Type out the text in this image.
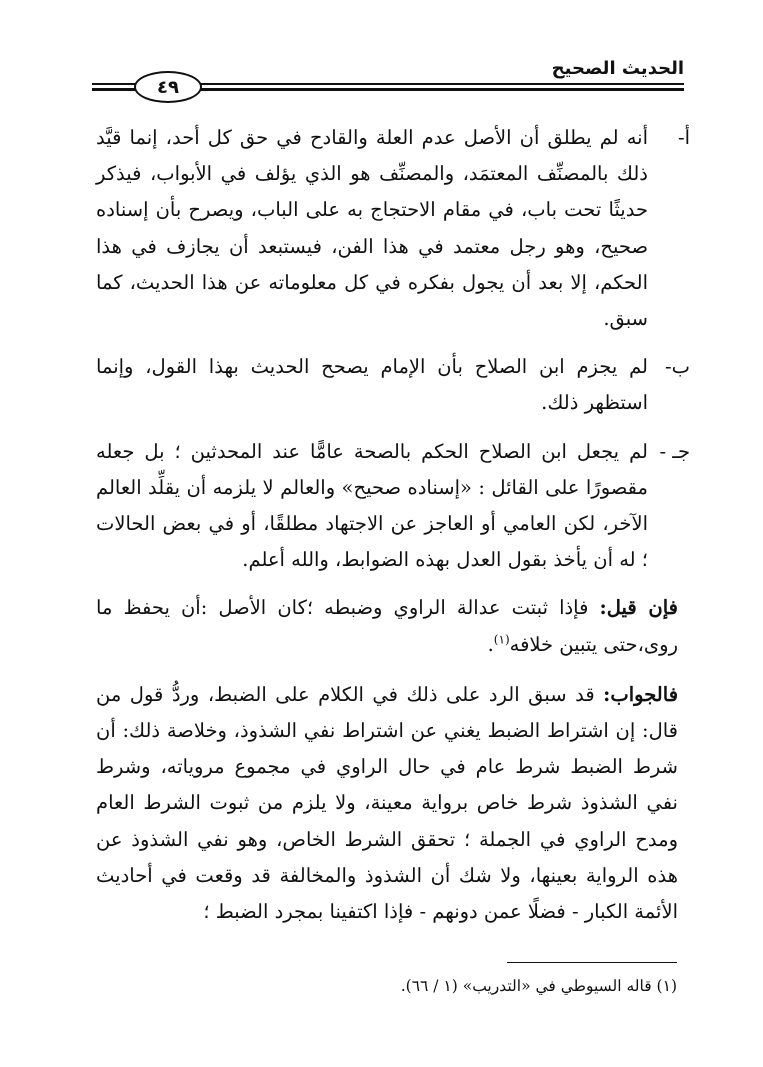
الحديث الصحيح
٤٩
أ-

أنه لم يطلق أن الأصل عدم العلة والقادح في حق كل أحد، إنما قيَّد ذلك بالمصنِّف المعتمَد، والمصنِّف هو الذي يؤلف في الأبواب، فيذكر حديثًا تحت باب، في مقام الاحتجاج به على الباب، ويصرح بأن إسناده صحيح، وهو رجل معتمد في هذا الفن، فيستبعد أن يجازف في هذا الحكم، إلا بعد أن يجول بفكره في كل معلوماته عن هذا الحديث، كما سبق.

ب-

لم يجزم ابن الصلاح بأن الإمام يصحح الحديث بهذا القول، وإنما استظهر ذلك.

جـ -

لم يجعل ابن الصلاح الحكم بالصحة عامًّا عند المحدثين ؛ بل جعله مقصورًا على القائل : «إسناده صحيح» والعالم لا يلزمه أن يقلِّد العالم الآخر، لكن العامي أو العاجز عن الاجتهاد مطلقًا، أو في بعض الحالات ؛ له أن يأخذ بقول العدل بهذه الضوابط، والله أعلم.

فإن قيل: فإذا ثبتت عدالة الراوي وضبطه ؛كان الأصل :أن يحفظ ما روى،حتى يتبين خلافه$^{(١)}$.

فالجواب: قد سبق الرد على ذلك في الكلام على الضبط، وردُّ قول من قال: إن اشتراط الضبط يغني عن اشتراط نفي الشذوذ، وخلاصة ذلك: أن شرط الضبط شرط عام في حال الراوي في مجموع مروياته، وشرط نفي الشذوذ شرط خاص برواية معينة، ولا يلزم من ثبوت الشرط العام ومدح الراوي في الجملة ؛ تحقق الشرط الخاص، وهو نفي الشذوذ عن هذه الرواية بعينها، ولا شك أن الشذوذ والمخالفة قد وقعت في أحاديث الأئمة الكبار - فضلًا عمن دونهم - فإذا اكتفينا بمجرد الضبط ؛

(١) قاله السيوطي في «التدريب» (١ / ٦٦).
